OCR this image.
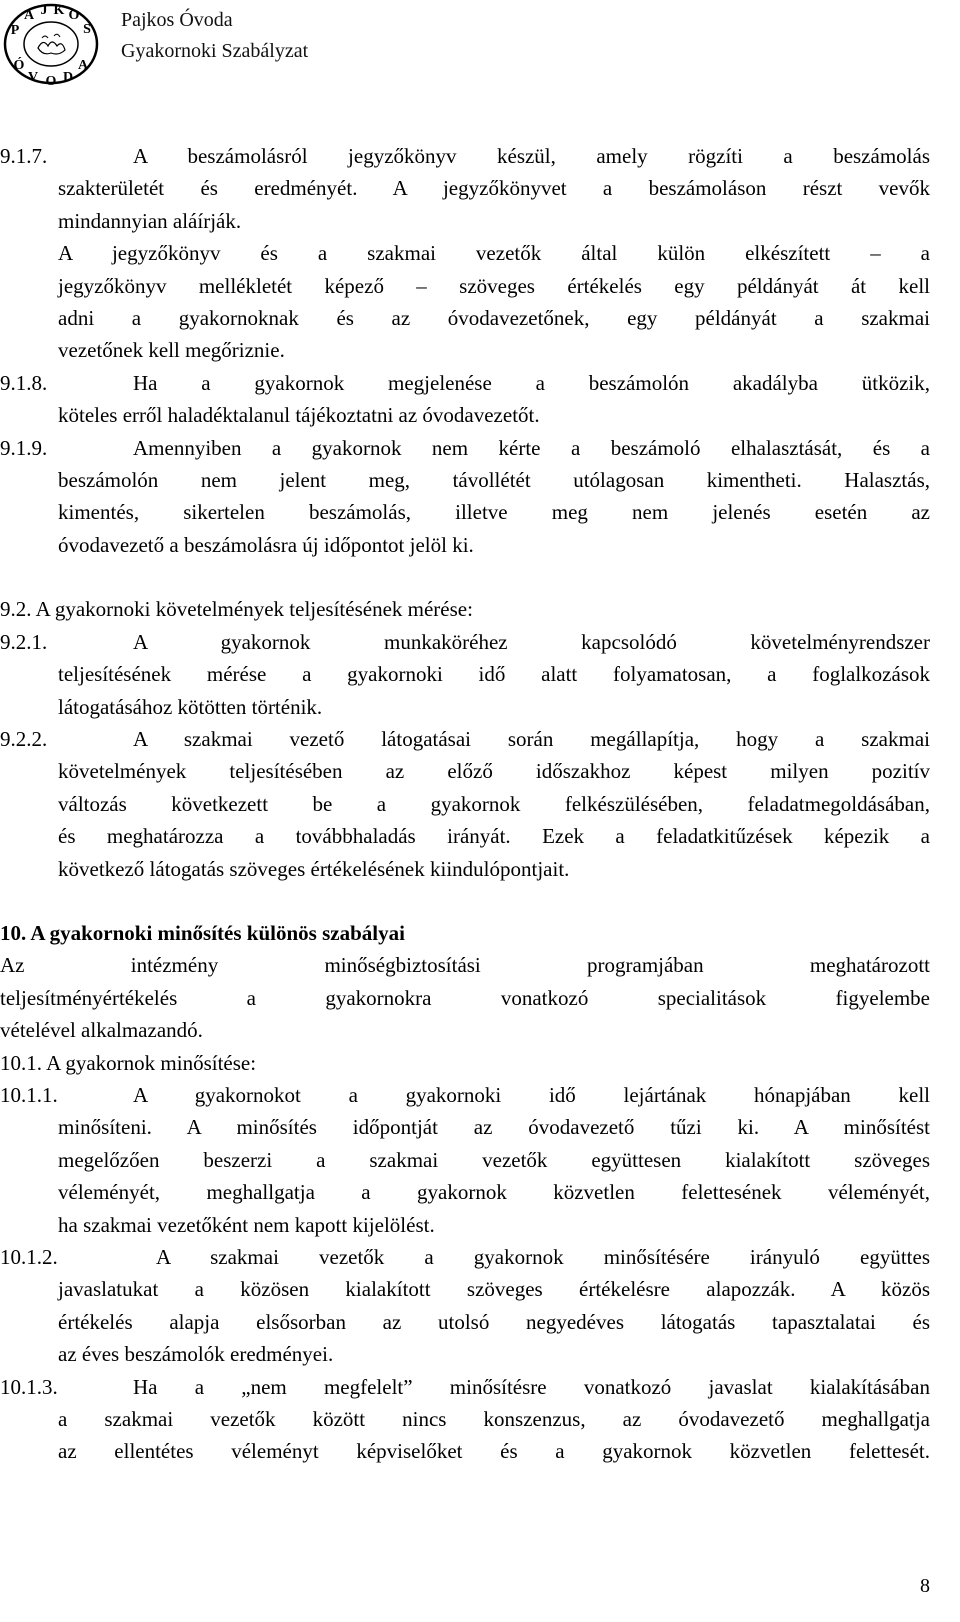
P
A J K O
S
Ó
V O D
A
Pajkos Óvoda
Gyakornoki Szabályzat
9.1.7.	A beszámolásról jegyzőkönyv készül, amely rögzíti a beszámolás
szakterületét és eredményét. A jegyzőkönyvet a beszámoláson részt vevők
mindannyian aláírják.
A jegyzőkönyv és a szakmai vezetők által külön elkészített – a
jegyzőkönyv mellékletét képező – szöveges értékelés egy példányát át kell
adni a gyakornoknak és az óvodavezetőnek, egy példányát a szakmai
vezetőnek kell megőriznie.
9.1.8.	Ha a gyakornok megjelenése a beszámolón akadályba ütközik,
köteles erről haladéktalanul tájékoztatni az óvodavezetőt.
9.1.9.	Amennyiben a gyakornok nem kérte a beszámoló elhalasztását, és a
beszámolón nem jelent meg, távollétét utólagosan kimentheti. Halasztás,
kimentés, sikertelen beszámolás, illetve meg nem jelenés esetén az
óvodavezető a beszámolásra új időpontot jelöl ki.
9.2. A gyakornoki követelmények teljesítésének mérése:
9.2.1.	A gyakornok munkaköréhez kapcsolódó követelményrendszer
teljesítésének mérése a gyakornoki idő alatt folyamatosan, a foglalkozások
látogatásához kötötten történik.
9.2.2.	A szakmai vezető látogatásai során megállapítja, hogy a szakmai
követelmények teljesítésében az előző időszakhoz képest milyen pozitív
változás következett be a gyakornok felkészülésében, feladatmegoldásában,
és meghatározza a továbbhaladás irányát. Ezek a feladatkitűzések képezik a
következő látogatás szöveges értékelésének kiindulópontjait.
10. A gyakornoki minősítés különös szabályai
Az intézmény minőségbiztosítási programjában meghatározott
teljesítményértékelés a gyakornokra vonatkozó specialitások figyelembe
vételével alkalmazandó.
10.1. A gyakornok minősítése:
10.1.1.	A gyakornokot a gyakornoki idő lejártának hónapjában kell
minősíteni. A minősítés időpontját az óvodavezető tűzi ki. A minősítést
megelőzően beszerzi a szakmai vezetők együttesen kialakított szöveges
véleményét, meghallgatja a gyakornok közvetlen felettesének véleményét,
ha szakmai vezetőként nem kapott kijelölést.
10.1.2.	A szakmai vezetők a gyakornok minősítésére irányuló együttes
javaslatukat a közösen kialakított szöveges értékelésre alapozzák. A közös
értékelés alapja elsősorban az utolsó negyedéves látogatás tapasztalatai és
az éves beszámolók eredményei.
10.1.3.	Ha a „nem megfelelt” minősítésre vonatkozó javaslat kialakításában
a szakmai vezetők között nincs konszenzus, az óvodavezető meghallgatja
az ellentétes véleményt képviselőket és a gyakornok közvetlen felettesét.
8
